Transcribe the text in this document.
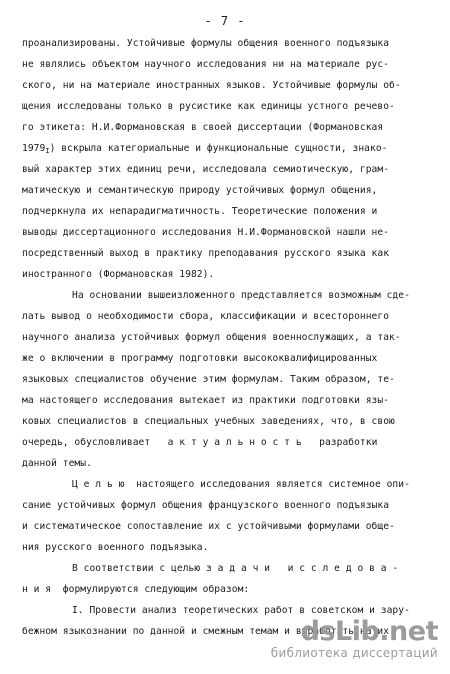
- 7 -
проанализированы. Устойчивые формулы общения военного подъязыка
не являлись объектом научного исследования ни на материале рус-
ского, ни на материале иностранных языков. Устойчивые формулы об-
щения исследованы только в русистике как единицы устного речево-
го этикета: Н.И.Формановская в своей диссертации (Формановская
$1979_I$) вскрыла категориальные и функциональные сущности, знако-
вый характер этих единиц речи, исследовала семиотическую, грам-
матическую и семантическую природу устойчивых формул общения,
подчеркнула их непарадигматичность. Теоретические положения и
выводы диссертационного исследования Н.И.Формановской нашли не-
посредственный выход в практику преподавания русского языка как
иностранного (Формановская 1982).
На основании вышеизложенного представляется возможным сде-
лать вывод о необходимости сбора, классификации и всестороннего
научного анализа устойчивых формул общения военнослужащих, а так-
же о включении в программу подготовки высококвалифицированных
языковых специалистов обучение этим формулам. Таким образом, те-
ма настоящего исследования вытекает из практики подготовки язы-
ковых специалистов в специальных учебных заведениях, что, в свою
очередь, обусловливает а к т у а л ь н о с т ь разработки
данной темы.
Ц е л ь ю настоящего исследования является системное опи-
сание устойчивых формул общения французского военного подъязыка
и систематическое сопоставление их с устойчивыми формулами обще-
ния русского военного подъязыка.
В соответствии с целью з а д а ч и и с с л е д о в а -
н и я формулируются следующим образом:
I. Провести анализ теоретических работ в советском и зару-
бежном языкознании по данной и смежным темам и выработать на их
dsLib.net
библиотека диссертаций
